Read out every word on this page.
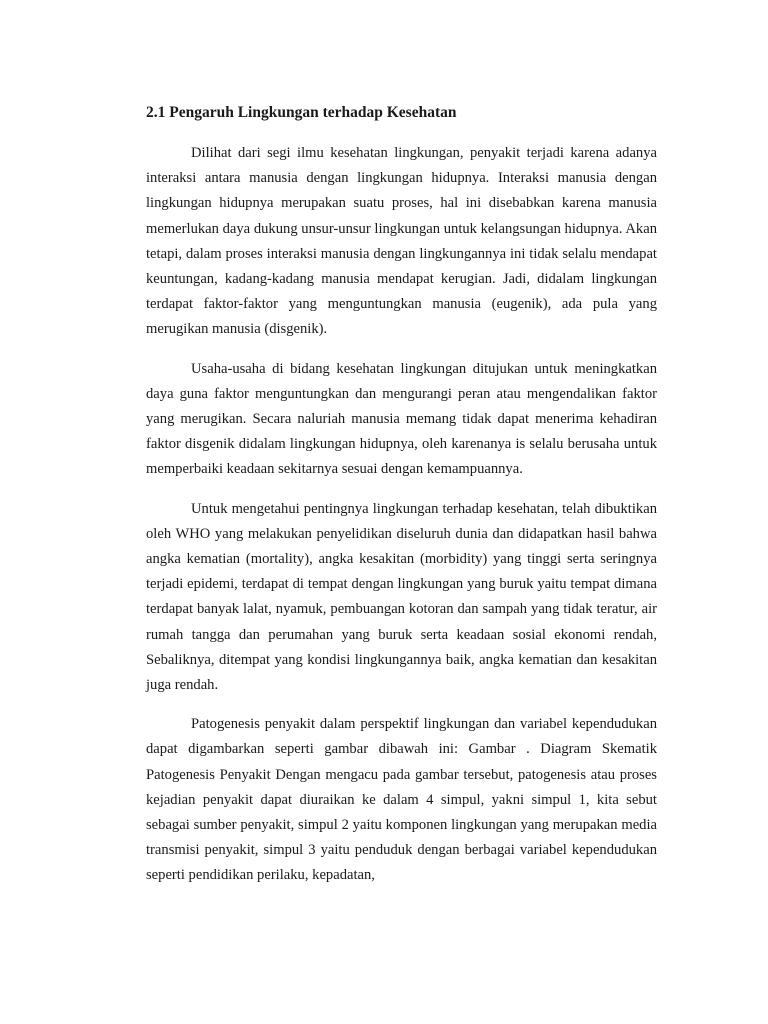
2.1 Pengaruh Lingkungan terhadap Kesehatan

Dilihat dari segi ilmu kesehatan lingkungan, penyakit terjadi karena adanya interaksi antara manusia dengan lingkungan hidupnya. Interaksi manusia dengan lingkungan hidupnya merupakan suatu proses, hal ini disebabkan karena manusia memerlukan daya dukung unsur-unsur lingkungan untuk kelangsungan hidupnya. Akan tetapi, dalam proses interaksi manusia dengan lingkungannya ini tidak selalu mendapat keuntungan, kadang-kadang manusia mendapat kerugian. Jadi, didalam lingkungan terdapat faktor-faktor yang menguntungkan manusia (eugenik), ada pula yang merugikan manusia (disgenik).

Usaha-usaha di bidang kesehatan lingkungan ditujukan untuk meningkatkan daya guna faktor menguntungkan dan mengurangi peran atau mengendalikan faktor yang merugikan. Secara naluriah manusia memang tidak dapat menerima kehadiran faktor disgenik didalam lingkungan hidupnya, oleh karenanya is selalu berusaha untuk memperbaiki keadaan sekitarnya sesuai dengan kemampuannya.

Untuk mengetahui pentingnya lingkungan terhadap kesehatan, telah dibuktikan oleh WHO yang melakukan penyelidikan diseluruh dunia dan didapatkan hasil bahwa angka kematian (mortality), angka kesakitan (morbidity) yang tinggi serta seringnya terjadi epidemi, terdapat di tempat dengan lingkungan yang buruk yaitu tempat dimana terdapat banyak lalat, nyamuk, pembuangan kotoran dan sampah yang tidak teratur, air rumah tangga dan perumahan yang buruk serta keadaan sosial ekonomi rendah, Sebaliknya, ditempat yang kondisi lingkungannya baik, angka kematian dan kesakitan juga rendah.

Patogenesis penyakit dalam perspektif lingkungan dan variabel kependudukan dapat digambarkan seperti gambar dibawah ini: Gambar . Diagram Skematik Patogenesis Penyakit Dengan mengacu pada gambar tersebut, patogenesis atau proses kejadian penyakit dapat diuraikan ke dalam 4 simpul, yakni simpul 1, kita sebut sebagai sumber penyakit, simpul 2 yaitu komponen lingkungan yang merupakan media transmisi penyakit, simpul 3 yaitu penduduk dengan berbagai variabel kependudukan seperti pendidikan perilaku, kepadatan,
